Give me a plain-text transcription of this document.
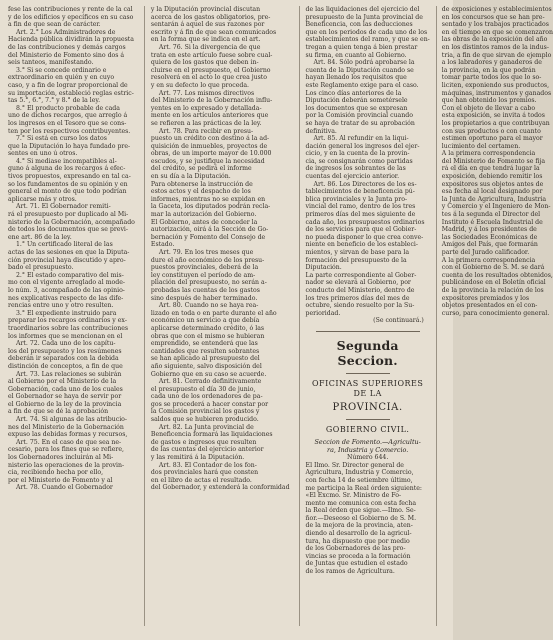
fese las contribuciones y rente de la cal
y de los edificios y epecíficos en su caso
a fin de que sean de carácter.
Art. 2.° Los Administradores de
Hacienda pública dividirán la propuesta
de las contribuciones y demás cargos
del Ministerio de Fomento sino dos á
seis tanteos, manifestando.
3.° Si se concede ordinario e
extraordinario en quién y en cuyo
caso, y a fin de lograr proporcional de
su importación, estableció reglas estric-
tas 5.°, 6.°, 7.° y 8.° de la ley.
8.° El producto probable de cada
uno de dichos recargos, que arreglo á
los ingresos en el Tesoro que se cons-
ten por los respectivos contribuyentes.
7.° Si está en curso los datos
que la Diputación lo haya fundado pre-
sentes en uno ú otros.
4.° Si mediase incompatibles al-
guno á alguna de los recargos á efec-
tivos propuestos, expresando en tal ca-
so los fundamentos de su opinión y en
general el monto de que todo podrían
aplicarse más y otros.
Art. 71. El Gobernador remiti-
rá el presupuesto por duplicado al Mi-
nisterio de la Gobernación, acompañado
de todos los documentos que se previ-
ene art. 86 de la ley.
1.° Un certificado literal de las
actas de las sesiones en que la Diputa-
ción provincial haya discutido y apro-
bado el presupuesto.
2.° El estado comparativo del mis-
mo con el vigente arreglado al mode-
lo núm. 3, acompañado de las opinio-
nes explicativas respecto de las dife-
rencias entre uno y otro resulten.
3.° El expediente instruido para
preparar los recargos ordinarios y ex-
traordinarios sobre las contribuciones
los informes que se mencionan en el
Art. 72. Cada uno de los capítu-
los del presupuesto y los resúmenes
deberán ir separados con la debida
distinción de conceptos, a fin de que
Art. 73. Las relaciones se subirán
al Gobierno por el Ministerio de la
Gobernación, cada uno de los cuales
el Gobernador se haya de servir por
el Gobierno de la ley de la provincia
a fin de que se dé la aprobación
Art. 74. Si algunas de las atribucio-
nes del Ministerio de la Gobernación
expuso las debidas formas y recursos,
Art. 75. En el caso de que sea ne-
cesario, para los fines que se refiere,
los Gobernadores incluirán al Mi-
nisterio las operaciones de la provin-
cia, recibiendo hecha por ello,
por el Ministerio de Fomento y al
Art. 78. Cuando el Gobernador
y la Diputación provincial discutan
acerca de los gastos obligatorios, pre-
sentarán á aquel de sus razones por
escrito y á fin de que sean comunicados
en la forma que se indica en el art.
Art. 76. Si la divergencia de que
trata en este artículo fuese sobre cual-
quiera de los gastos que deben in-
cluirse en el presupuesto, el Gobierno
resolverá en el acto lo que crea justo
y en su defecto lo que proceda.
Art. 77. Los mismos directivos
del Ministerio de la Gobernación influ-
yentes en lo expresado y detallada-
mente en los artículos anteriores que
se refieren a las prácticas de la ley.
Art. 78. Para recibir en presu-
puesto un crédito con destino á la ad-
quisición de inmuebles, proyectos de
obras, de un importe mayor de 10.000
escudos, y se justifique la necesidad
del crédito, se pedirá el informe
en su día a la Diputación.
Para obtenerse la instrucción de
estos actos y el despacho de los
informes, mientras no se expidan en
la Gaceta, los diputados podrán recla-
mar la autorización del Gobierno.
El Gobierno, antes de conceder la
autorización, oirá á la Sección de Go-
bernación y Fomento del Consejo de
Estado.
Art. 79. En los tres meses que
dure el año económico de los presu-
puestos provinciales, deberá de la
ley constituyen el período de am-
pliación del presupuesto, no serán a-
probadas las cuentas de los gastos
sino después de haber terminado.
Art. 80. Cuando no se haya rea-
lizado en toda o en parte durante el año
económico un servicio a que debía
aplicarse determinado crédito, ó las
obras que con el mismo se hubieran
emprendido, se entenderá que las
cantidades que resulten sobrantes
se han aplicado al presupuesto del
año siguiente, salvo disposición del
Gobierno que en su caso se acuerde.
Art. 81. Cerrado definitivamente
el presupuesto el día 30 de junio,
cada uno de los ordenadores de pa-
gos se procederá a hacer constar por
la Comisión provincial los gastos y
saldos que se hubieren producido.
Art. 82. La Junta provincial de
Beneficencia formará las liquidaciones
de gastos e ingresos que resulten
de las cuentas del ejercicio anterior
y las remitirá á la Diputación.
Art. 83. El Contador de los fon-
dos provinciales hará que consten
en el libro de actas el resultado.
del Gobernador, y extenderá la conformidad
de las liquidaciones del ejercicio del
presupuesto de la Junta provincial de
Beneficencia, con las deducciones
que en los periodos de cada uno de los
establecimientos del ramo, y que se en-
tregan a quien tenga á bien prestar
su firma, en cuanto al Gobierno.
Art. 84. Sólo podrá aprobarse la
cuenta de la Diputación cuando se
hayan llenado los requisitos que
este Reglamento exige para el caso.
Los cinco días anteriores de la
Diputación deberán sometérsele
los documentos que se expresan
por la Comisión provincial cuando
se haya de tratar de su aprobación
definitiva.
Art. 85. Al refundir en la liqui-
dación general los ingresos del ejer-
cicio, y en la cuenta de la provin-
cia, se consignarán como partidas
de ingresos los sobrantes de las
cuentas del ejercicio anterior.
Art. 86. Los Directores de los es-
tablecimientos de beneficencia pú-
blica provinciales y la Junta pro-
vincial del ramo, dentro de los tres
primeros días del mes siguiente de
cada año, los presupuestos ordinarios
de los servicios para que el Gobier-
no pueda disponer lo que crea conve-
niente en beneficio de los estableci-
mientos, y sirvan de base para la
formación del presupuesto de la
Diputación.
La parte correspondiente al Gober-
nador se elevará al Gobierno, por
conducto del Ministerio, dentro de
los tres primeros días del mes de
octubre, siendo resuelto por la Su-
perioridad.
(Se continuará.)
Segunda Seccion.
OFICINAS SUPERIORES DE LA
PROVINCIA.
GOBIERNO CIVIL.
Seccion de Fomento.—Agricultu-
ra, Industria y Comercio.
Número 644.
El Ilmo. Sr. Director general de
Agricultura, Industria y Comercio,
con fecha 14 de setiembre último,
me participa la Real órden siguiente:
«El Excmo. Sr. Ministro de Fo-
mento me comunica con esta fecha
la Real órden que sigue.—Ilmo. Se-
ñor.—Deseoso el Gobierno de S. M.
de la mejora de la provincia, aten-
diendo al desarrollo de la agricul-
tura, ha dispuesto que por medio
de los Gobernadores de las pro-
vincias se proceda a la formación
de Juntas que estudien el estado
de los ramos de Agricultura.
de exposiciones y establecimientos
en los concursos que se han pre-
sentado y los trabajos practicados
en el tiempo en que se comenzaron
las obras de la exposición del año
en los distintos ramos de la indus-
tria, a fin de que sirvan de ejemplo
a los labradores y ganaderos de
la provincia, en la que podrán
tomar parte todos los que lo so-
liciten, exponiendo sus productos,
máquinas, instrumentos y ganados
que han obtenido los premios.
Con el objeto de llevar a cabo
esta exposición, se invita á todos
los propietarios a que contribuyan
con sus productos o con cuanto
estimen oportuno para el mayor
lucimiento del certamen.
A la primera correspondencia
del Ministerio de Fomento se fija
rá el día en que tendrá lugar la
exposición, debiendo remitir los
expositores sus objetos antes de
esa fecha al local designado por
la Junta de Agricultura, Industria
y Comercio y el Ingeniero de Mon-
tes á la segunda el Director del
Instituto é Escuela Industrial de
Madrid, y á los presidentes de
las Sociedades Económicas de
Amigos del País, que formarán
parte del Jurado calificador.
A la primera correspondencia
con el Gobierno de S. M. se dará
cuenta de los resultados obtenidos,
publicándose en el Boletín oficial
de la provincia la relación de los
expositores premiados y los
objetos presentados en el con-
curso, para conocimiento general.
